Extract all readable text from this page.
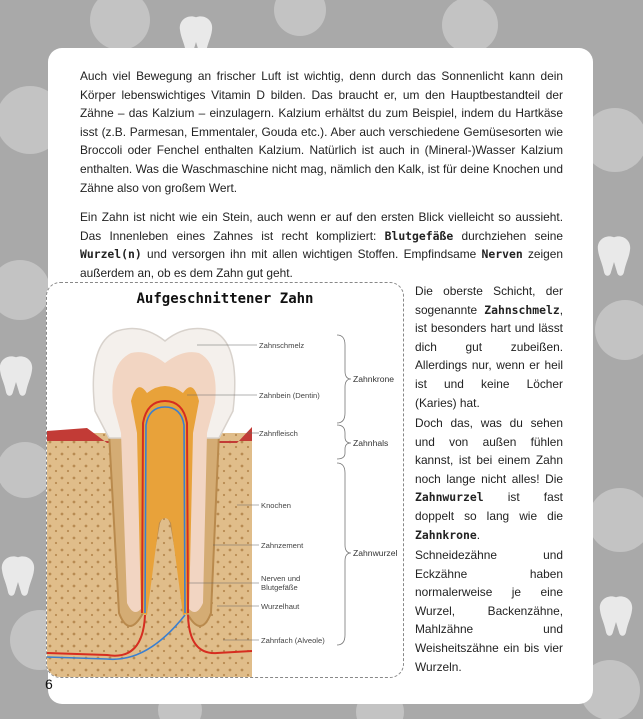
Auch viel Bewegung an frischer Luft ist wichtig, denn durch das Sonnenlicht kann dein Körper lebenswichtiges Vitamin D bilden. Das braucht er, um den Hauptbestandteil der Zähne – das Kalzium – einzulagern. Kalzium erhältst du zum Beispiel, indem du Hartkäse isst (z.B. Parmesan, Emmentaler, Gouda etc.). Aber auch verschiedene Gemüsesorten wie Broccoli oder Fenchel enthalten Kalzium. Natürlich ist auch in (Mineral-)Wasser Kalzium enthalten. Was die Waschmaschine nicht mag, nämlich den Kalk, ist für deine Knochen und Zähne also von großem Wert.

Ein Zahn ist nicht wie ein Stein, auch wenn er auf den ersten Blick vielleicht so aussieht. Das Innenleben eines Zahnes ist recht kompliziert: Blutgefäße durchziehen seine Wurzel(n) und versorgen ihn mit allen wichtigen Stoffen. Empfindsame Nerven zeigen außerdem an, ob es dem Zahn gut geht.

Die oberste Schicht, der sogenannte Zahnschmelz, ist besonders hart und lässt dich gut zubeißen. Allerdings nur, wenn er heil ist und keine Löcher (Karies) hat.

Doch das, was du sehen und von außen fühlen kannst, ist bei einem Zahn noch lange nicht alles! Die Zahnwurzel ist fast doppelt so lang wie die Zahnkrone.

Schneidezähne und Eckzähne haben normalerweise je eine Wurzel, Backenzähne, Mahlzähne und Weisheitszähne ein bis vier Wurzeln.

Aufgeschnittener Zahn
Zahnschmelz
Zahnbein (Dentin)
Zahnfleisch
Knochen
Zahnzement
Nerven und
Blutgefäße
Wurzelhaut
Zahnfach (Alveole)
Zahnkrone
Zahnhals
Zahnwurzel
6
